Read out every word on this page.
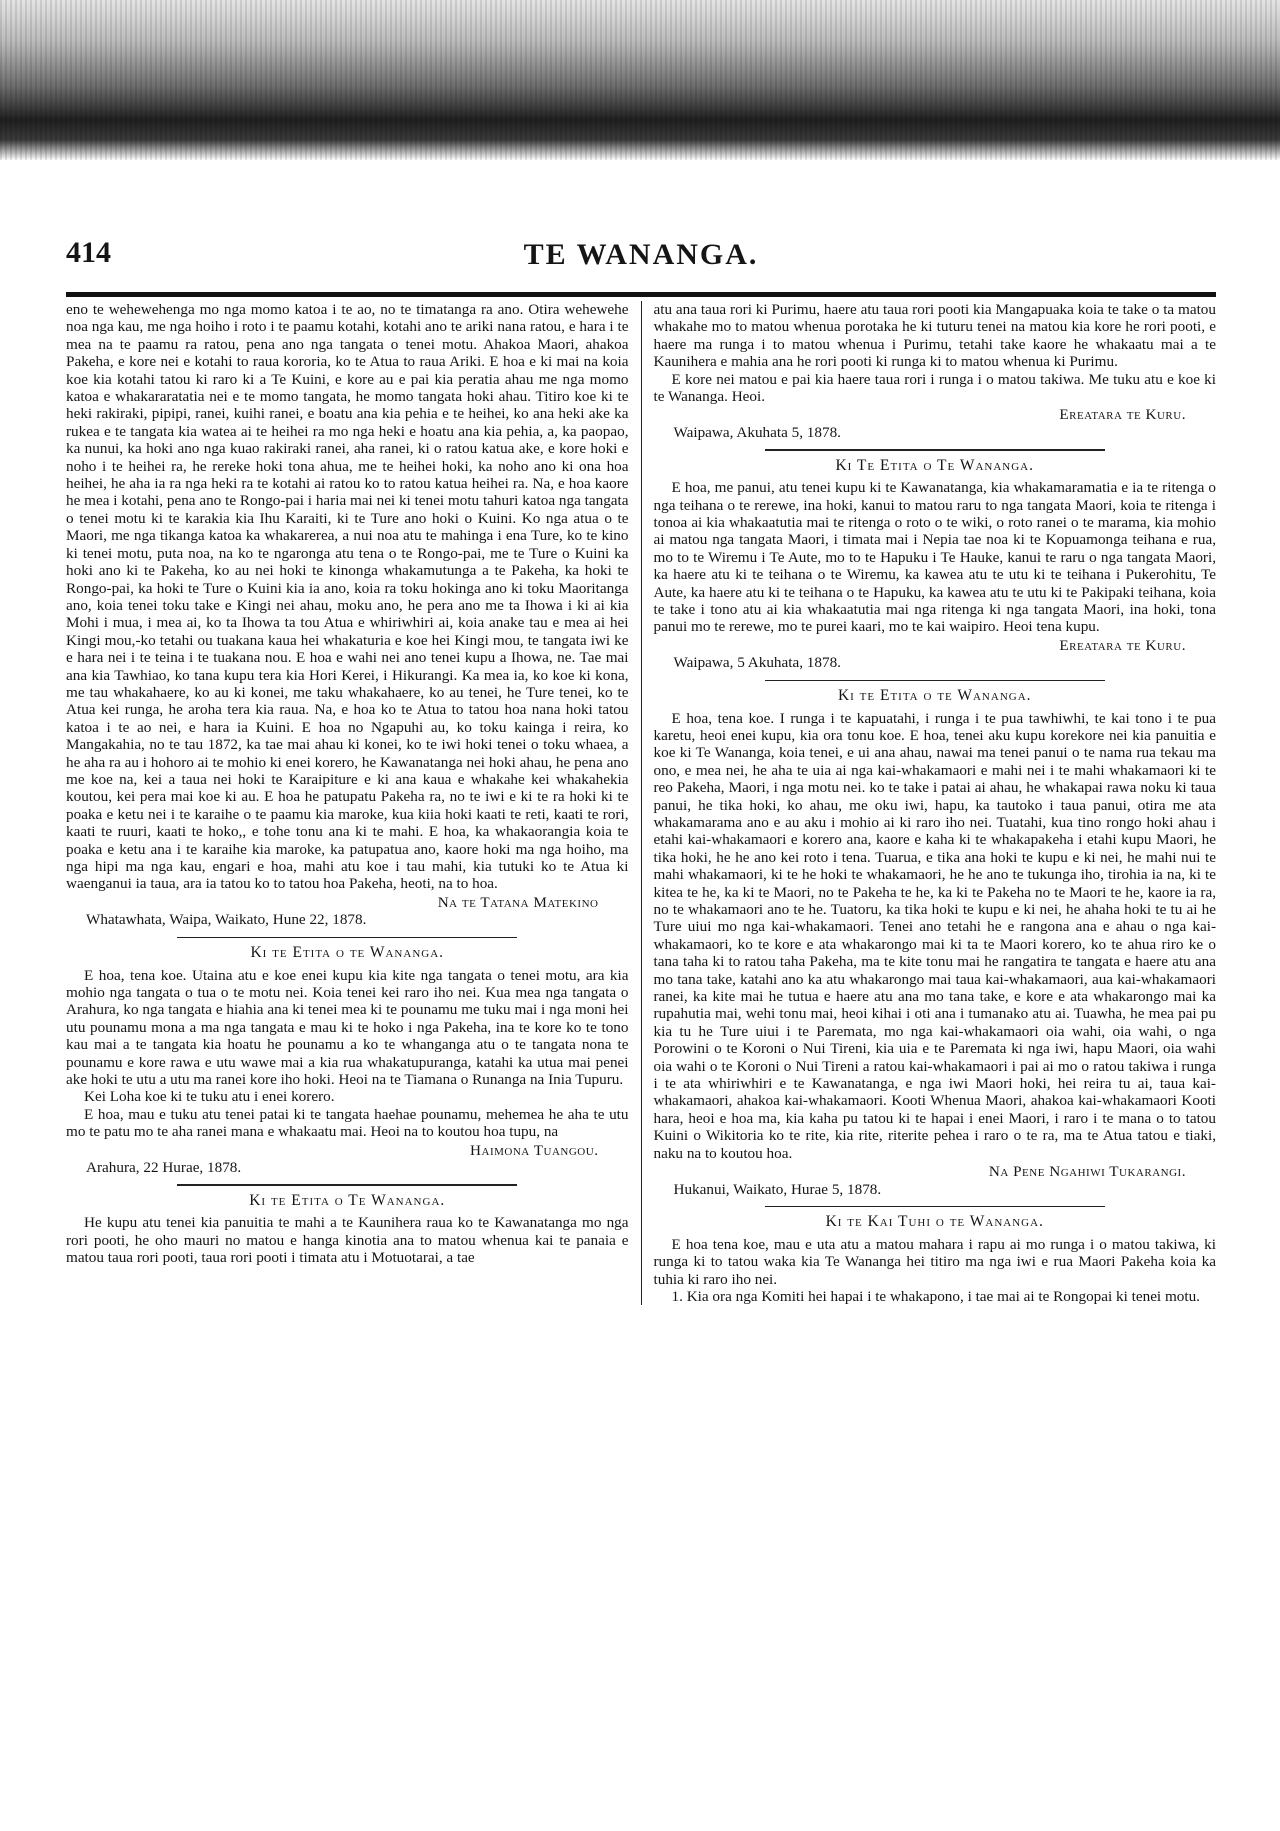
414	TE WANANGA.

eno te wehewehenga mo nga momo katoa i te ao, no te timatanga ra ano. Otira wehewehe noa nga kau, me nga hoiho i roto i te paamu kotahi, kotahi ano te ariki nana ratou, e hara i te mea na te paamu ra ratou, pena ano nga tangata o tenei motu. Ahakoa Maori, ahakoa Pakeha, e kore nei e kotahi to raua kororia, ko te Atua to raua Ariki. E hoa e ki mai na koia koe kia kotahi tatou ki raro ki a Te Kuini, e kore au e pai kia peratia ahau me nga momo katoa e whakararatatia nei e te momo tangata, he momo tangata hoki ahau. Titiro koe ki te heki rakiraki, pipipi, ranei, kuihi ranei, e boatu ana kia pehia e te heihei, ko ana heki ake ka rukea e te tangata kia watea ai te heihei ra mo nga heki e hoatu ana kia pehia, a, ka paopao, ka nunui, ka hoki ano nga kuao rakiraki ranei, aha ranei, ki o ratou katua ake, e kore hoki e noho i te heihei ra, he rereke hoki tona ahua, me te heihei hoki, ka noho ano ki ona hoa heihei, he aha ia ra nga heki ra te kotahi ai ratou ko to ratou katua heihei ra. Na, e hoa kaore he mea i kotahi, pena ano te Rongo-pai i haria mai nei ki tenei motu tahuri katoa nga tangata o tenei motu ki te karakia kia Ihu Karaiti, ki te Ture ano hoki o Kuini. Ko nga atua o te Maori, me nga tikanga katoa ka whakarerea, a nui noa atu te mahinga i ena Ture, ko te kino ki tenei motu, puta noa, na ko te ngaronga atu tena o te Rongo-pai, me te Ture o Kuini ka hoki ano ki te Pakeha, ko au nei hoki te kinonga whakamutunga a te Pakeha, ka hoki te Rongo-pai, ka hoki te Ture o Kuini kia ia ano, koia ra toku hokinga ano ki toku Maoritanga ano, koia tenei toku take e Kingi nei ahau, moku ano, he pera ano me ta Ihowa i ki ai kia Mohi i mua, i mea ai, ko ta Ihowa ta tou Atua e whiriwhiri ai, koia anake tau e mea ai hei Kingi mou,-ko tetahi ou tuakana kaua hei whakaturia e koe hei Kingi mou, te tangata iwi ke e hara nei i te teina i te tuakana nou. E hoa e wahi nei ano tenei kupu a Ihowa, ne. Tae mai ana kia Tawhiao, ko tana kupu tera kia Hori Kerei, i Hikurangi. Ka mea ia, ko koe ki kona, me tau whakahaere, ko au ki konei, me taku whakahaere, ko au tenei, he Ture tenei, ko te Atua kei runga, he aroha tera kia raua. Na, e hoa ko te Atua to tatou hoa nana hoki tatou katoa i te ao nei, e hara ia Kuini. E hoa no Ngapuhi au, ko toku kainga i reira, ko Mangakahia, no te tau 1872, ka tae mai ahau ki konei, ko te iwi hoki tenei o toku whaea, a he aha ra au i hohoro ai te mohio ki enei korero, he Kawanatanga nei hoki ahau, he pena ano me koe na, kei a taua nei hoki te Karaipiture e ki ana kaua e whakahe kei whakahekia koutou, kei pera mai koe ki au. E hoa he patupatu Pakeha ra, no te iwi e ki te ra hoki ki te poaka e ketu nei i te karaihe o te paamu kia maroke, kua kiia hoki kaati te reti, kaati te rori, kaati te ruuri, kaati te hoko,, e tohe tonu ana ki te mahi. E hoa, ka whakaorangia koia te poaka e ketu ana i te karaihe kia maroke, ka patupatua ano, kaore hoki ma nga hoiho, ma nga hipi ma nga kau, engari e hoa, mahi atu koe i tau mahi, kia tutuki ko te Atua ki waenganui ia taua, ara ia tatou ko to tatou hoa Pakeha, heoti, na to hoa.

Na te Tatana Matekino
Whatawhata, Waipa, Waikato, Hune 22, 1878.
Ki te Etita o te Wananga.

E hoa, tena koe. Utaina atu e koe enei kupu kia kite nga tangata o tenei motu, ara kia mohio nga tangata o tua o te motu nei. Koia tenei kei raro iho nei. Kua mea nga tangata o Arahura, ko nga tangata e hiahia ana ki tenei mea ki te pounamu me tuku mai i nga moni hei utu pounamu mona a ma nga tangata e mau ki te hoko i nga Pakeha, ina te kore ko te tono kau mai a te tangata kia hoatu he pounamu a ko te whanganga atu o te tangata nona te pounamu e kore rawa e utu wawe mai a kia rua whakatupuranga, katahi ka utua mai penei ake hoki te utu a utu ma ranei kore iho hoki. Heoi na te Tiamana o Runanga na Inia Tupuru.

Kei Loha koe ki te tuku atu i enei korero.

E hoa, mau e tuku atu tenei patai ki te tangata haehae pounamu, mehemea he aha te utu mo te patu mo te aha ranei mana e whakaatu mai. Heoi na to koutou hoa tupu, na

Haimona Tuangou.
Arahura, 22 Hurae, 1878.
Ki te Etita o Te Wananga.

He kupu atu tenei kia panuitia te mahi a te Kaunihera raua ko te Kawanatanga mo nga rori pooti, he oho mauri no matou e hanga kinotia ana to matou whenua kai te panaia e matou taua rori pooti, taua rori pooti i timata atu i Motuotarai, a tae

atu ana taua rori ki Purimu, haere atu taua rori pooti kia Mangapuaka koia te take o ta matou whakahe mo to matou whenua porotaka he ki tuturu tenei na matou kia kore he rori pooti, e haere ma runga i to matou whenua i Purimu, tetahi take kaore he whakaatu mai a te Kaunihera e mahia ana he rori pooti ki runga ki to matou whenua ki Purimu.

E kore nei matou e pai kia haere taua rori i runga i o matou takiwa. Me tuku atu e koe ki te Wananga. Heoi.

Ereatara te Kuru.
Waipawa, Akuhata 5, 1878.
Ki Te Etita o Te Wananga.

E hoa, me panui, atu tenei kupu ki te Kawanatanga, kia whakamaramatia e ia te ritenga o nga teihana o te rerewe, ina hoki, kanui to matou raru to nga tangata Maori, koia te ritenga i tonoa ai kia whakaatutia mai te ritenga o roto o te wiki, o roto ranei o te marama, kia mohio ai matou nga tangata Maori, i timata mai i Nepia tae noa ki te Kopuamonga teihana e rua, mo to te Wiremu i Te Aute, mo to te Hapuku i Te Hauke, kanui te raru o nga tangata Maori, ka haere atu ki te teihana o te Wiremu, ka kawea atu te utu ki te teihana i Pukerohitu, Te Aute, ka haere atu ki te teihana o te Hapuku, ka kawea atu te utu ki te Pakipaki teihana, koia te take i tono atu ai kia whakaatutia mai nga ritenga ki nga tangata Maori, ina hoki, tona panui mo te rerewe, mo te purei kaari, mo te kai waipiro. Heoi tena kupu.

Ereatara te Kuru.
Waipawa, 5 Akuhata, 1878.
Ki te Etita o te Wananga.

E hoa, tena koe. I runga i te kapuatahi, i runga i te pua tawhiwhi, te kai tono i te pua karetu, heoi enei kupu, kia ora tonu koe. E hoa, tenei aku kupu korekore nei kia panuitia e koe ki Te Wananga, koia tenei, e ui ana ahau, nawai ma tenei panui o te nama rua tekau ma ono, e mea nei, he aha te uia ai nga kai-whakamaori e mahi nei i te mahi whakamaori ki te reo Pakeha, Maori, i nga motu nei. ko te take i patai ai ahau, he whakapai rawa noku ki taua panui, he tika hoki, ko ahau, me oku iwi, hapu, ka tautoko i taua panui, otira me ata whakamarama ano e au aku i mohio ai ki raro iho nei. Tuatahi, kua tino rongo hoki ahau i etahi kai-whakamaori e korero ana, kaore e kaha ki te whakapakeha i etahi kupu Maori, he tika hoki, he he ano kei roto i tena. Tuarua, e tika ana hoki te kupu e ki nei, he mahi nui te mahi whakamaori, ki te he hoki te whakamaori, he he ano te tukunga iho, tirohia ia na, ki te kitea te he, ka ki te Maori, no te Pakeha te he, ka ki te Pakeha no te Maori te he, kaore ia ra, no te whakamaori ano te he. Tuatoru, ka tika hoki te kupu e ki nei, he ahaha hoki te tu ai he Ture uiui mo nga kai-whakamaori. Tenei ano tetahi he e rangona ana e ahau o nga kai-whakamaori, ko te kore e ata whakarongo mai ki ta te Maori korero, ko te ahua riro ke o tana taha ki to ratou taha Pakeha, ma te kite tonu mai he rangatira te tangata e haere atu ana mo tana take, katahi ano ka atu whakarongo mai taua kai-whakamaori, aua kai-whakamaori ranei, ka kite mai he tutua e haere atu ana mo tana take, e kore e ata whakarongo mai ka rupahutia mai, wehi tonu mai, heoi kihai i oti ana i tumanako atu ai. Tuawha, he mea pai pu kia tu he Ture uiui i te Paremata, mo nga kai-whakamaori oia wahi, oia wahi, o nga Porowini o te Koroni o Nui Tireni, kia uia e te Paremata ki nga iwi, hapu Maori, oia wahi oia wahi o te Koroni o Nui Tireni a ratou kai-whakamaori i pai ai mo o ratou takiwa i runga i te ata whiriwhiri e te Kawanatanga, e nga iwi Maori hoki, hei reira tu ai, taua kai-whakamaori, ahakoa kai-whakamaori. Kooti Whenua Maori, ahakoa kai-whakamaori Kooti hara, heoi e hoa ma, kia kaha pu tatou ki te hapai i enei Maori, i raro i te mana o to tatou Kuini o Wikitoria ko te rite, kia rite, riterite pehea i raro o te ra, ma te Atua tatou e tiaki, naku na to koutou hoa.

Na Pene Ngahiwi Tukarangi.
Hukanui, Waikato, Hurae 5, 1878.
Ki te Kai Tuhi o te Wananga.

E hoa tena koe, mau e uta atu a matou mahara i rapu ai mo runga i o matou takiwa, ki runga ki to tatou waka kia Te Wananga hei titiro ma nga iwi e rua Maori Pakeha koia ka tuhia ki raro iho nei.

1. Kia ora nga Komiti hei hapai i te whakapono, i tae mai ai te Rongopai ki tenei motu.
